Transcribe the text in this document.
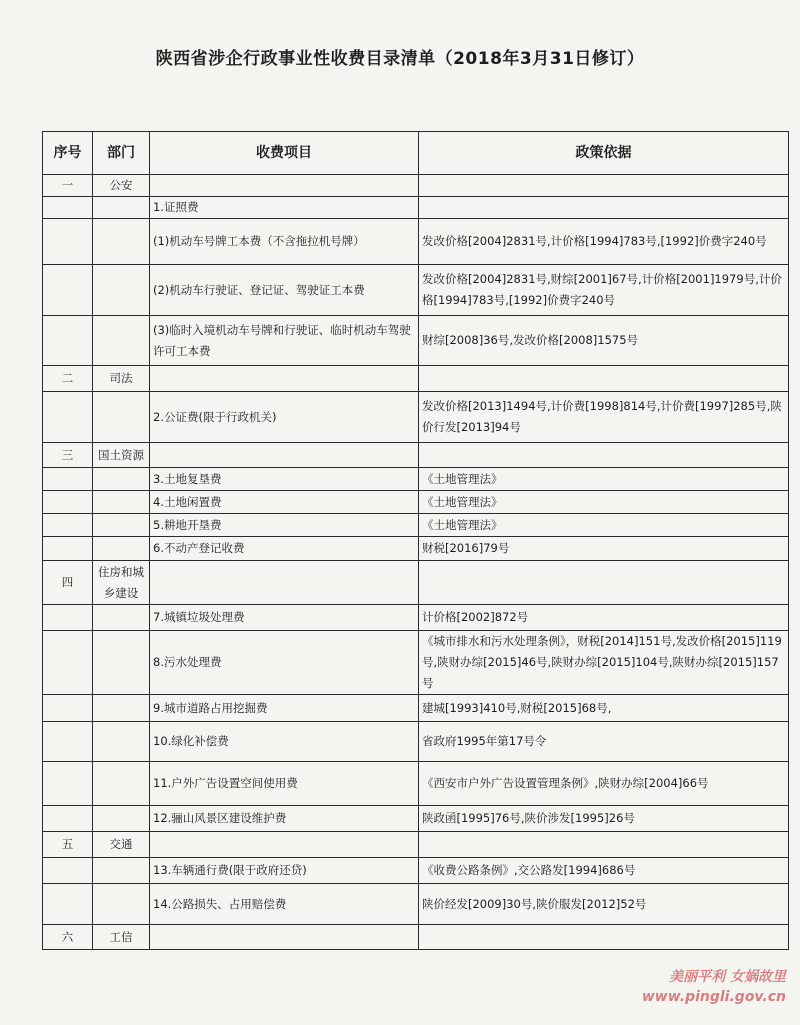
陕西省涉企行政事业性收费目录清单（2018年3月31日修订）
序号	部门	收费项目	政策依据
一	公安		
		1.证照费	
		(1)机动车号牌工本费（不含拖拉机号牌）	发改价格[2004]2831号,计价格[1994]783号,[1992]价费字240号
		(2)机动车行驶证、登记证、驾驶证工本费	发改价格[2004]2831号,财综[2001]67号,计价格[2001]1979号,计价格[1994]783号,[1992]价费字240号
		(3)临时入境机动车号牌和行驶证、临时机动车驾驶许可工本费	财综[2008]36号,发改价格[2008]1575号
二	司法		
		2.公证费(限于行政机关)	发改价格[2013]1494号,计价费[1998]814号,计价费[1997]285号,陕价行发[2013]94号
三	国土资源		
		3.土地复垦费	《土地管理法》
		4.土地闲置费	《土地管理法》
		5.耕地开垦费	《土地管理法》
		6.不动产登记收费	财税[2016]79号
四	住房和城乡建设		
		7.城镇垃圾处理费	计价格[2002]872号
		8.污水处理费	《城市排水和污水处理条例》，财税[2014]151号,发改价格[2015]119号,陕财办综[2015]46号,陕财办综[2015]104号,陕财办综[2015]157号
		9.城市道路占用挖掘费	建城[1993]410号,财税[2015]68号,
		10.绿化补偿费	省政府1995年第17号令
		11.户外广告设置空间使用费	《西安市户外广告设置管理条例》,陕财办综[2004]66号
		12.骊山风景区建设维护费	陕政函[1995]76号,陕价涉发[1995]26号
五	交通		
		13.车辆通行费(限于政府还贷)	《收费公路条例》,交公路发[1994]686号
		14.公路损失、占用赔偿费	陕价经发[2009]30号,陕价服发[2012]52号
六	工信		
美丽平利 女娲故里
www.pingli.gov.cn
